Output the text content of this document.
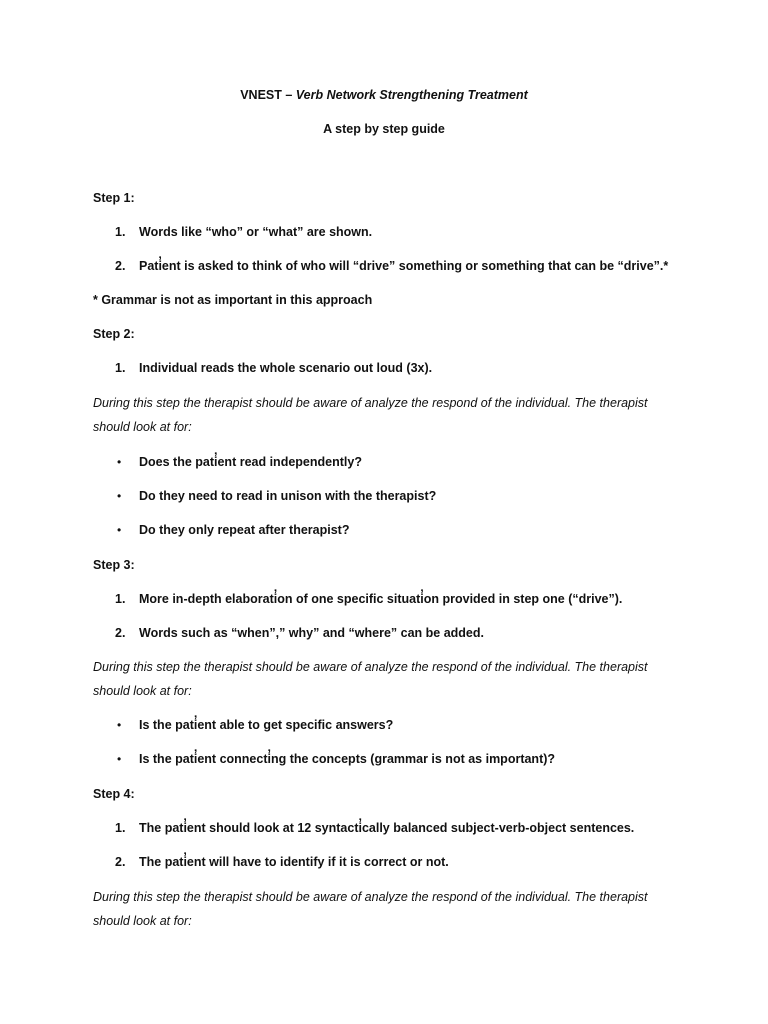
VNEST – Verb Network Strengthening Treatment
A step by step guide
Step 1:
1. Words like “who” or “what” are shown.
2. Pati̓ent is asked to think of who will “drive” something or something that can be “drive”.*
* Grammar is not as important in this approach
Step 2:
1. Individual reads the whole scenario out loud (3x).
During this step the therapist should be aware of analyze the respond of the individual. The therapist
should look at for:
• Does the pati̓ent read independently?
• Do they need to read in unison with the therapist?
• Do they only repeat after therapist?
Step 3:
1. More in-depth elaborati̓on of one specific situati̓on provided in step one (“drive”).
2. Words such as “when”,” why” and “where” can be added.
During this step the therapist should be aware of analyze the respond of the individual. The therapist
should look at for:
• Is the pati̓ent able to get specific answers?
• Is the pati̓ent connecti̓ng the concepts (grammar is not as important)?
Step 4:
1. The pati̓ent should look at 12 syntacti̓cally balanced subject-verb-object sentences.
2. The pati̓ent will have to identify if it is correct or not.
During this step the therapist should be aware of analyze the respond of the individual. The therapist
should look at for:
